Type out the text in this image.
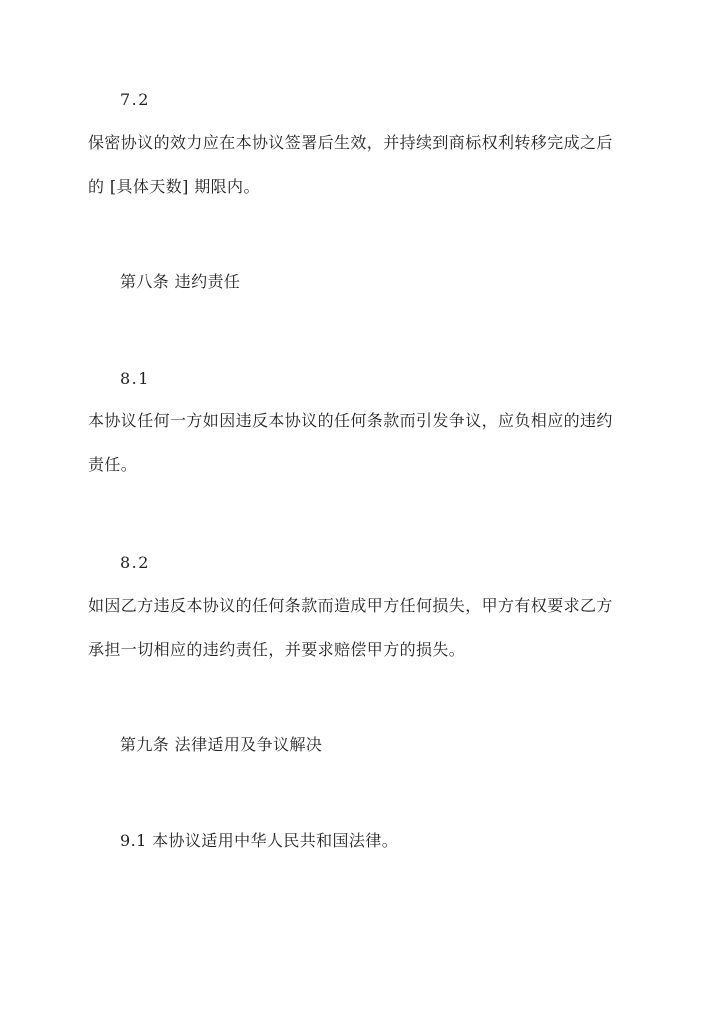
7.2
保密协议的效力应在本协议签署后生效，并持续到商标权利转移完成之后
的 [具体天数] 期限内。
第八条 违约责任
8.1
本协议任何一方如因违反本协议的任何条款而引发争议，应负相应的违约
责任。
8.2
如因乙方违反本协议的任何条款而造成甲方任何损失，甲方有权要求乙方
承担一切相应的违约责任，并要求赔偿甲方的损失。
第九条 法律适用及争议解决
9.1 本协议适用中华人民共和国法律。
